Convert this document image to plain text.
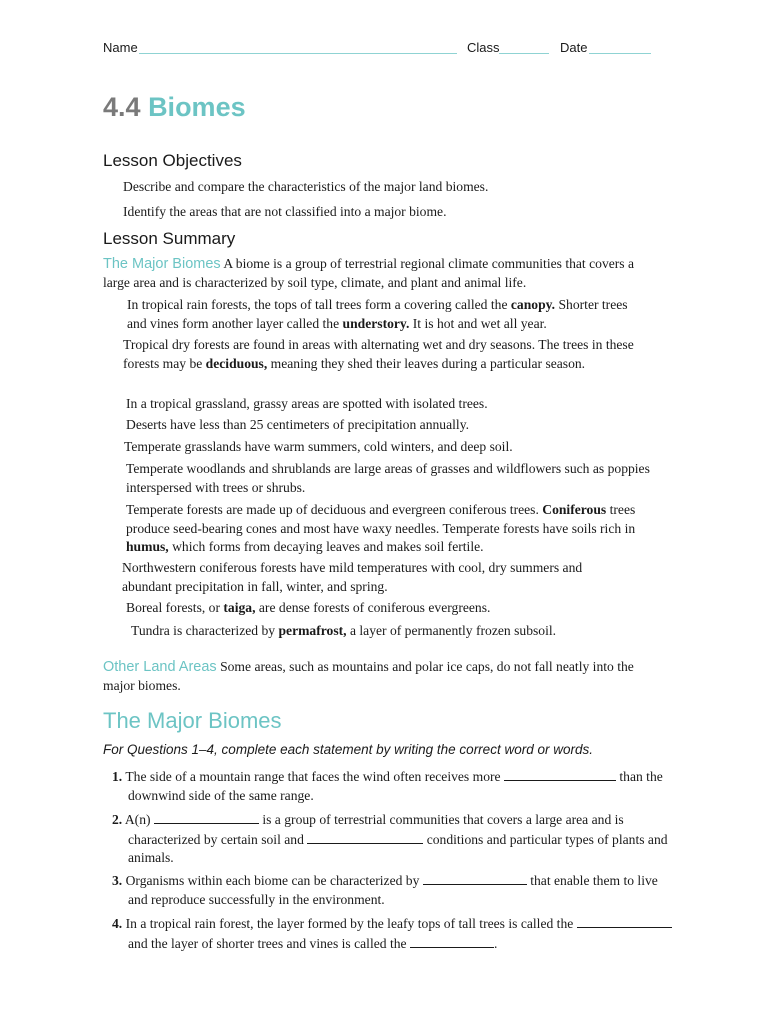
Name	Class	Date
4.4 Biomes
Lesson Objectives

Describe and compare the characteristics of the major land biomes.

Identify the areas that are not classified into a major biome.

Lesson Summary

The Major Biomes A biome is a group of terrestrial regional climate communities that covers a large area and is characterized by soil type, climate, and plant and animal life.

In tropical rain forests, the tops of tall trees form a covering called the canopy. Shorter trees and vines form another layer called the understory. It is hot and wet all year.

Tropical dry forests are found in areas with alternating wet and dry seasons. The trees in these forests may be deciduous, meaning they shed their leaves during a particular season.

In a tropical grassland, grassy areas are spotted with isolated trees.

Deserts have less than 25 centimeters of precipitation annually.

Temperate grasslands have warm summers, cold winters, and deep soil.

Temperate woodlands and shrublands are large areas of grasses and wildflowers such as poppies interspersed with trees or shrubs.

Temperate forests are made up of deciduous and evergreen coniferous trees. Coniferous trees produce seed-bearing cones and most have waxy needles. Temperate forests have soils rich in humus, which forms from decaying leaves and makes soil fertile.

Northwestern coniferous forests have mild temperatures with cool, dry summers and abundant precipitation in fall, winter, and spring.

Boreal forests, or taiga, are dense forests of coniferous evergreens.

Tundra is characterized by permafrost, a layer of permanently frozen subsoil.

Other Land Areas Some areas, such as mountains and polar ice caps, do not fall neatly into the major biomes.

The Major Biomes

For Questions 1–4, complete each statement by writing the correct word or words.

1. The side of a mountain range that faces the wind often receives more	than the downwind side of the same range.
2. A(n)	is a group of terrestrial communities that covers a large area and is characterized by certain soil and	conditions and particular types of plants and animals.
3. Organisms within each biome can be characterized by	that enable them to live and reproduce successfully in the environment.
4. In a tropical rain forest, the layer formed by the leafy tops of tall trees is called the  and the layer of shorter trees and vines is called the	.
